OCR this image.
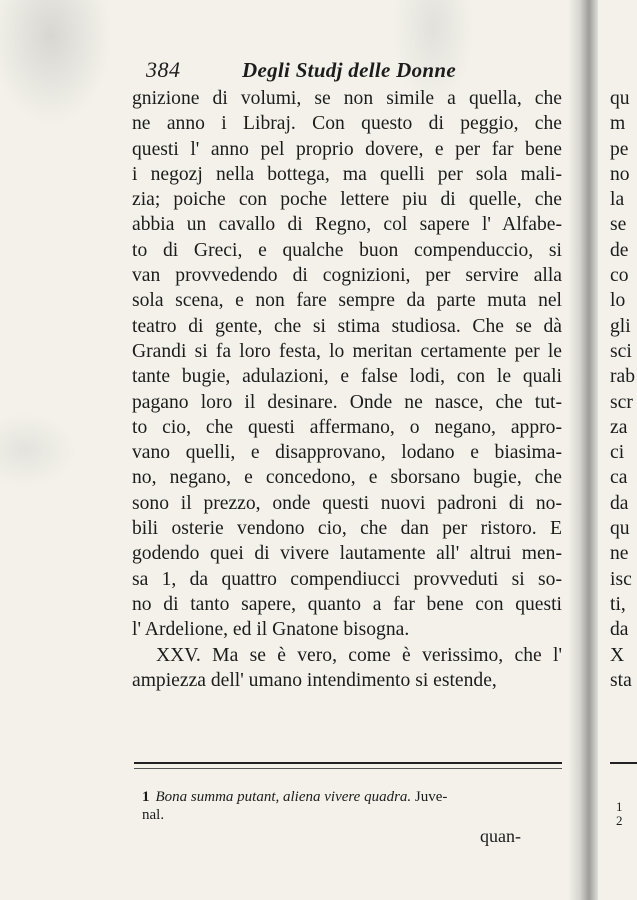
384	Degli Studj delle Donne
gnizione di volumi, se non simile a quella, che
ne anno i Libraj. Con questo di peggio, che
questi l' anno pel proprio dovere, e per far bene
i negozj nella bottega, ma quelli per sola mali-
zia; poiche con poche lettere piu di quelle, che
abbia un cavallo di Regno, col sapere l' Alfabe-
to di Greci, e qualche buon compenduccio, si
van provvedendo di cognizioni, per servire alla
sola scena, e non fare sempre da parte muta nel
teatro di gente, che si stima studiosa. Che se dà
Grandi si fa loro festa, lo meritan certamente per le
tante bugie, adulazioni, e false lodi, con le quali
pagano loro il desinare. Onde ne nasce, che tut-
to cio, che questi affermano, o negano, appro-
vano quelli, e disapprovano, lodano e biasima-
no, negano, e concedono, e sborsano bugie, che
sono il prezzo, onde questi nuovi padroni di no-
bili osterie vendono cio, che dan per ristoro. E
godendo quei di vivere lautamente all' altrui men-
sa 1, da quattro compendiucci provveduti si so-
no di tanto sapere, quanto a far bene con questi
l' Ardelione, ed il Gnatone bisogna.
XXV. Ma se è vero, come è verissimo, che l'
ampiezza dell' umano intendimento si estende,
1 Bona summa putant, aliena vivere quadra. Juve-
nal.
quan-
qu
m
pe
no
la
se
de
co
lo
gli
sci
rab
scr
za
ci
ca
da
qu
ne
isc
ti,
da
X
sta
1
2
